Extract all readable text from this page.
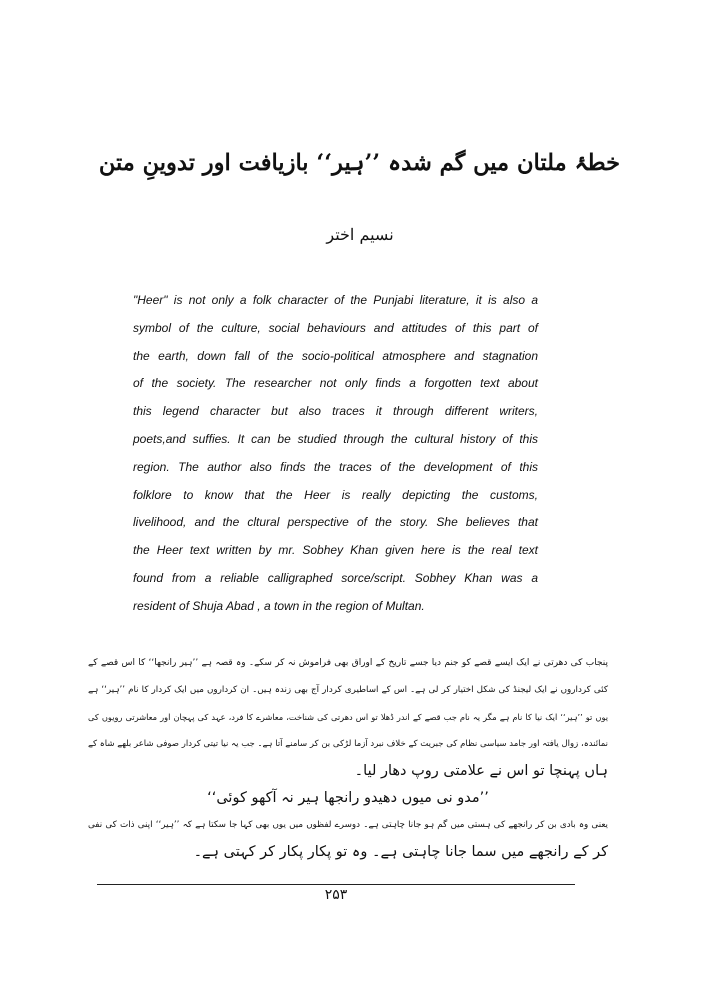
خطۂ ملتان میں گم شدہ ’’ہیر‘‘ بازیافت اور تدوینِ متن
نسیم اختر

"Heer" is not only a folk character of the Punjabi literature, it is also a
symbol of the culture, social behaviours and attitudes of this part of
the earth, down fall of the socio-political atmosphere and stagnation
of the society. The researcher not only finds a forgotten text about
this legend character but also traces it through different writers,
poets,and suffies. It can be studied through the cultural history of this
region. The author also finds the traces of the development of this
folklore to know that the Heer is really depicting the customs,
livelihood, and the cltural perspective of the story. She believes that
the Heer text written by mr. Sobhey Khan given here is the real text
found from a reliable calligraphed sorce/script. Sobhey Khan was a
resident of Shuja Abad , a town in the region of Multan.

پنجاب کی دھرتی نے ایک ایسے قصے کو جنم دیا جسے تاریخ کے اوراق بھی فراموش نہ کر سکے۔ وہ قصہ ہے ’’ہیر رانجھا‘‘ کا اس قصے کے
کئی کرداروں نے ایک لیجنڈ کی شکل اختیار کر لی ہے۔ اس کے اساطیری کردار آج بھی زندہ ہیں۔ ان کرداروں میں ایک کردار کا نام ’’ہیر‘‘ ہے
یوں تو ’’ہیر‘‘ ایک نیا کا نام ہے مگر یہ نام جب قصے کے اندر ڈھلا تو اس دھرتی کی شناخت، معاشرے کا فرد، عہد کی پہچان اور معاشرتی رویوں کی
نمائندہ، زوال یافتہ اور جامد سیاسی نظام کی جبریت کے خلاف نبرد آزما لڑکی بن کر سامنے آتا ہے۔ جب یہ نیا تیتی کردار صوفی شاعر بلھے شاہ کے
ہاں پہنچا تو اس نے علامتی روپ دھار لیا۔
’’مدو نی میوں دھیدو رانجھا ہیر نہ آکھو کوئی‘‘
یعنی وہ بادی بن کر رانجھے کی ہستی میں گم ہو جانا چاہتی ہے۔ دوسرے لفظوں میں یوں بھی کہا جا سکتا ہے کہ ’’ہیر‘‘ اپنی ذات کی نفی
کر کے رانجھے میں سما جانا چاہتی ہے۔ وہ تو پکار پکار کر کہتی ہے۔
۲۵۳
